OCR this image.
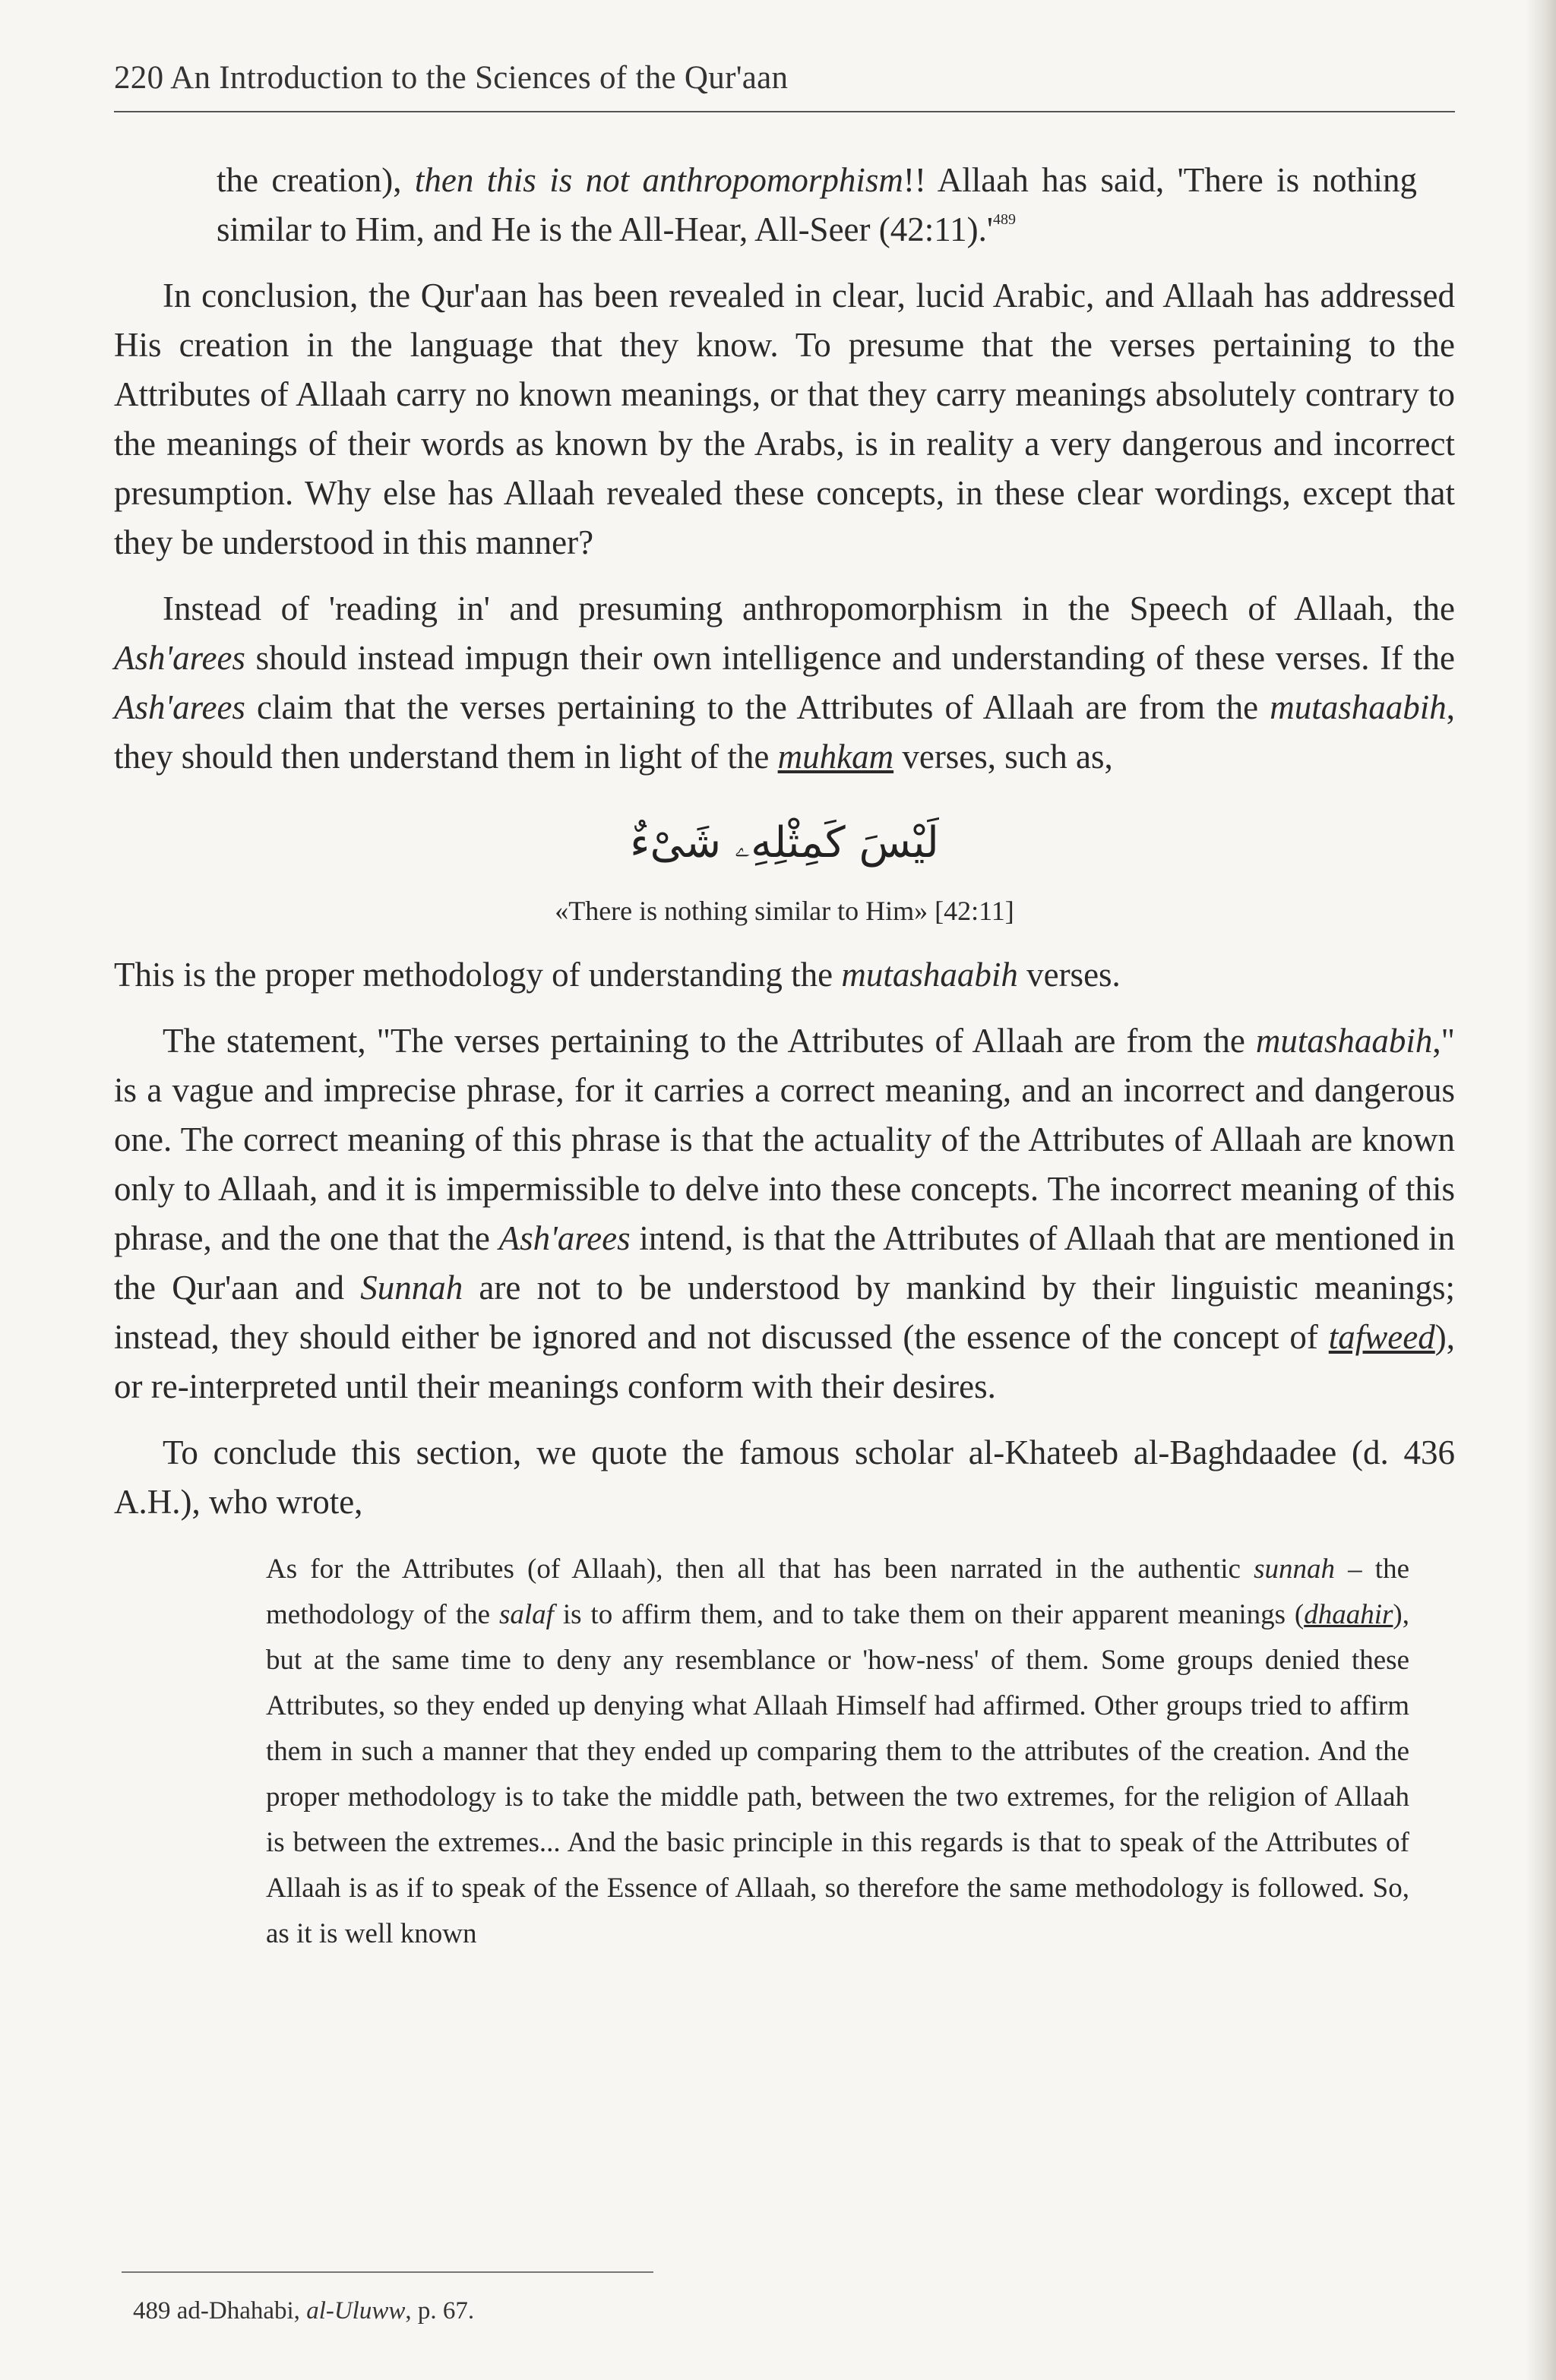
220 An Introduction to the Sciences of the Qur'aan

the creation), then this is not anthropomorphism!! Allaah has said, 'There is nothing similar to Him, and He is the All-Hear, All-Seer $(42:11).'^{489}$

In conclusion, the Qur'aan has been revealed in clear, lucid Arabic, and Allaah has addressed His creation in the language that they know. To presume that the verses pertaining to the Attributes of Allaah carry no known meanings, or that they carry meanings absolutely contrary to the meanings of their words as known by the Arabs, is in reality a very dangerous and incorrect presumption. Why else has Allaah revealed these concepts, in these clear wordings, except that they be understood in this manner?

Instead of 'reading in' and presuming anthropomorphism in the Speech of Allaah, the Ash'arees should instead impugn their own intelligence and understanding of these verses. If the Ash'arees claim that the verses pertaining to the Attributes of Allaah are from the mutashaabih, they should then understand them in light of the muhkam verses, such as,

لَيْسَ كَمِثْلِهِۦ شَىْءٌ

«There is nothing similar to Him» [42:11]

This is the proper methodology of understanding the mutashaabih verses.

The statement, "The verses pertaining to the Attributes of Allaah are from the mutashaabih," is a vague and imprecise phrase, for it carries a correct meaning, and an incorrect and dangerous one. The correct meaning of this phrase is that the actuality of the Attributes of Allaah are known only to Allaah, and it is impermissible to delve into these concepts. The incorrect meaning of this phrase, and the one that the Ash'arees intend, is that the Attributes of Allaah that are mentioned in the Qur'aan and Sunnah are not to be understood by mankind by their linguistic meanings; instead, they should either be ignored and not discussed (the essence of the concept of tafweed), or re-interpreted until their meanings conform with their desires.

To conclude this section, we quote the famous scholar al-Khateeb al-Baghdaadee (d. 436 A.H.), who wrote,

As for the Attributes (of Allaah), then all that has been narrated in the authentic sunnah – the methodology of the salaf is to affirm them, and to take them on their apparent meanings (dhaahir), but at the same time to deny any resemblance or 'how-ness' of them. Some groups denied these Attributes, so they ended up denying what Allaah Himself had affirmed. Other groups tried to affirm them in such a manner that they ended up comparing them to the attributes of the creation. And the proper methodology is to take the middle path, between the two extremes, for the religion of Allaah is between the extremes... And the basic principle in this regards is that to speak of the Attributes of Allaah is as if to speak of the Essence of Allaah, so therefore the same methodology is followed. So, as it is well known

489 ad-Dhahabi, al-Uluww, p. 67.
